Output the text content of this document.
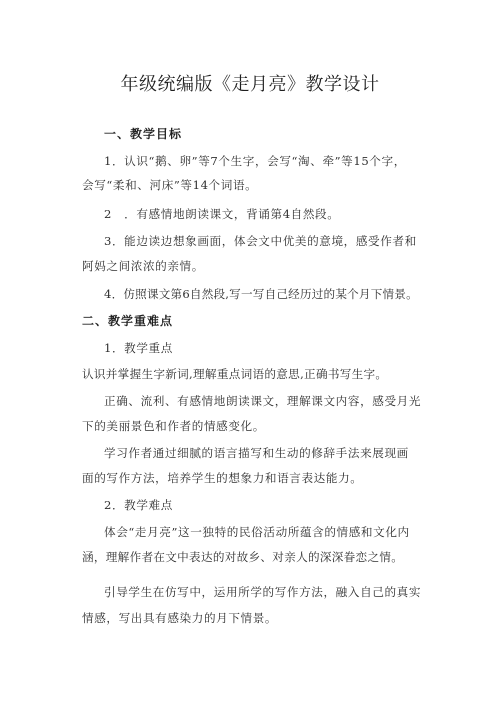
年级统编版《走月亮》教学设计
一、教学目标
1．认识“鹅、卵”等7个生字，会写“淘、牵”等15个字，
会写“柔和、河床”等14个词语。
2　．有感情地朗读课文，背诵第4自然段。
3．能边读边想象画面，体会文中优美的意境，感受作者和
阿妈之间浓浓的亲情。
4．仿照课文第6自然段,写一写自己经历过的某个月下情景。
二、教学重难点
1．教学重点
认识并掌握生字新词,理解重点词语的意思,正确书写生字。
正确、流利、有感情地朗读课文，理解课文内容，感受月光
下的美丽景色和作者的情感变化。
学习作者通过细腻的语言描写和生动的修辞手法来展现画
面的写作方法，培养学生的想象力和语言表达能力。
2．教学难点
体会“走月亮”这一独特的民俗活动所蕴含的情感和文化内
涵，理解作者在文中表达的对故乡、对亲人的深深眷恋之情。
引导学生在仿写中，运用所学的写作方法，融入自己的真实
情感，写出具有感染力的月下情景。
